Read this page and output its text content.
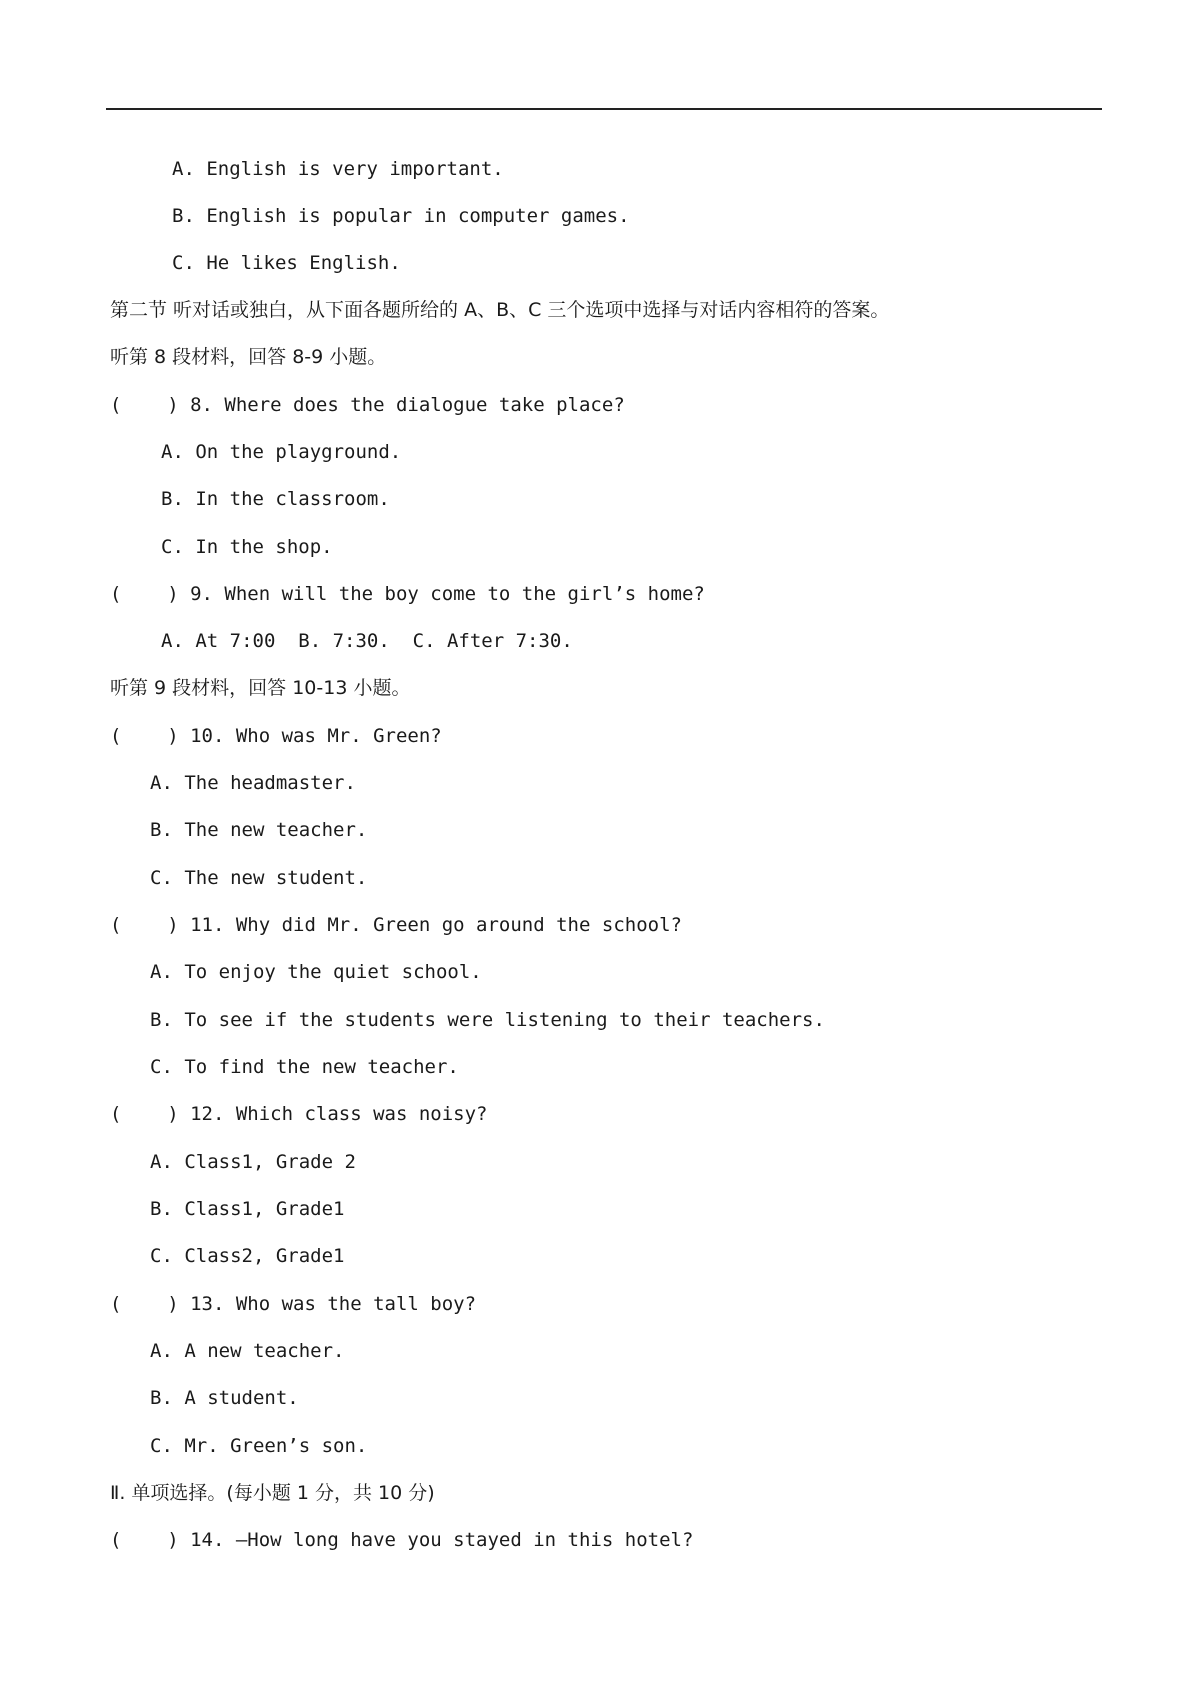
A. English is very important.
B. English is popular in computer games.
C. He likes English.
第二节 听对话或独白，从下面各题所给的 A、B、C 三个选项中选择与对话内容相符的答案。
听第 8 段材料，回答 8-9 小题。
(    ) 8. Where does the dialogue take place?
A. On the playground.
B. In the classroom.
C. In the shop.
(    ) 9. When will the boy come to the girl’s home?
A. At 7:00  B. 7:30.  C. After 7:30.
听第 9 段材料，回答 10-13 小题。
(    ) 10. Who was Mr. Green?
A. The headmaster.
B. The new teacher.
C. The new student.
(    ) 11. Why did Mr. Green go around the school?
A. To enjoy the quiet school.
B. To see if the students were listening to their teachers.
C. To find the new teacher.
(    ) 12. Which class was noisy?
A. Class1, Grade 2
B. Class1, Grade1
C. Class2, Grade1
(    ) 13. Who was the tall boy?
A. A new teacher.
B. A student.
C. Mr. Green’s son.
Ⅱ. 单项选择。(每小题 1 分，共 10 分)
(    ) 14. —How long have you stayed in this hotel?
